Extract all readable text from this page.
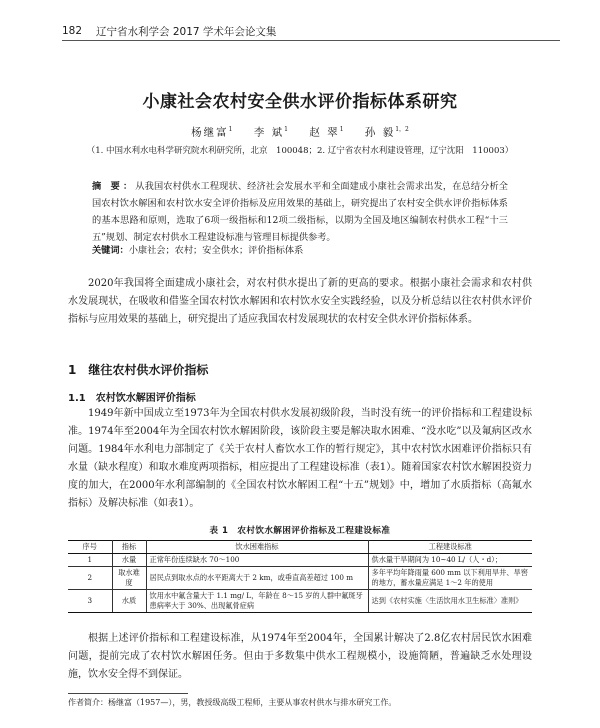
182	辽宁省水利学会 2017 学术年会论文集
小康社会农村安全供水评价指标体系研究
杨继富$^1$ 李 斌$^1$ 赵 翠$^1$ 孙 毅$^{1,2}$
（1. 中国水利水电科学研究院水利研究所，北京　100048；2. 辽宁省农村水利建设管理，辽宁沈阳　110003）
摘 要：从我国农村供水工程现状、经济社会发展水平和全面建成小康社会需求出发，在总结分析全国农村饮水解困和农村饮水安全评价指标及应用效果的基础上，研究提出了农村安全供水评价指标体系的基本思路和原则，选取了6项一级指标和12项二级指标，以期为全国及地区编制农村供水工程“十三五”规划、制定农村供水工程建设标准与管理目标提供参考。
关键词：小康社会；农村；安全供水；评价指标体系
2020年我国将全面建成小康社会，对农村供水提出了新的更高的要求。根据小康社会需求和农村供水发展现状，在吸收和借鉴全国农村饮水解困和农村饮水安全实践经验，以及分析总结以往农村供水评价指标与应用效果的基础上，研究提出了适应我国农村发展现状的农村安全供水评价指标体系。
1　继往农村供水评价指标
1.1　农村饮水解困评价指标
1949年新中国成立至1973年为全国农村供水发展初级阶段，当时没有统一的评价指标和工程建设标准。1974年至2004年为全国农村饮水解困阶段，该阶段主要是解决取水困难、“没水吃”以及氟病区改水问题。1984年水利电力部制定了《关于农村人畜饮水工作的暂行规定》，其中农村饮水困难评价指标只有水量（缺水程度）和取水难度两项指标，相应提出了工程建设标准（表1）。随着国家农村饮水解困投资力度的加大，在2000年水利部编制的《全国农村饮水解困工程“十五”规划》中，增加了水质指标（高氟水指标）及解决标准（如表1）。
表 1　农村饮水解困评价指标及工程建设标准
序号	指标	饮水困难指标	工程建设标准
1	水量	正常年份连续缺水 70～100	供水量干旱期间为 10~40 L/（人・d）；
2	取水难度	居民点到取水点的水平距离大于 2 km，或垂直高差超过 100 m	多年平均年降雨量 600 mm 以下利用旱井、旱窖的地方，蓄水量应满足 1～2 年的使用
3	水质	饮用水中氟含量大于 1.1 mg/ L，年龄在 8～15 岁的人群中氟斑牙患病率大于 30%、出现氟骨症病	达到《农村实施〈生活饮用水卫生标准〉准则》
根据上述评价指标和工程建设标准，从1974年至2004年，全国累计解决了2.8亿农村居民饮水困难问题，提前完成了农村饮水解困任务。但由于多数集中供水工程规模小，设施简陋，普遍缺乏水处理设施，饮水安全得不到保证。
作者简介：杨继富（1957—），男，教授级高级工程师，主要从事农村供水与排水研究工作。
